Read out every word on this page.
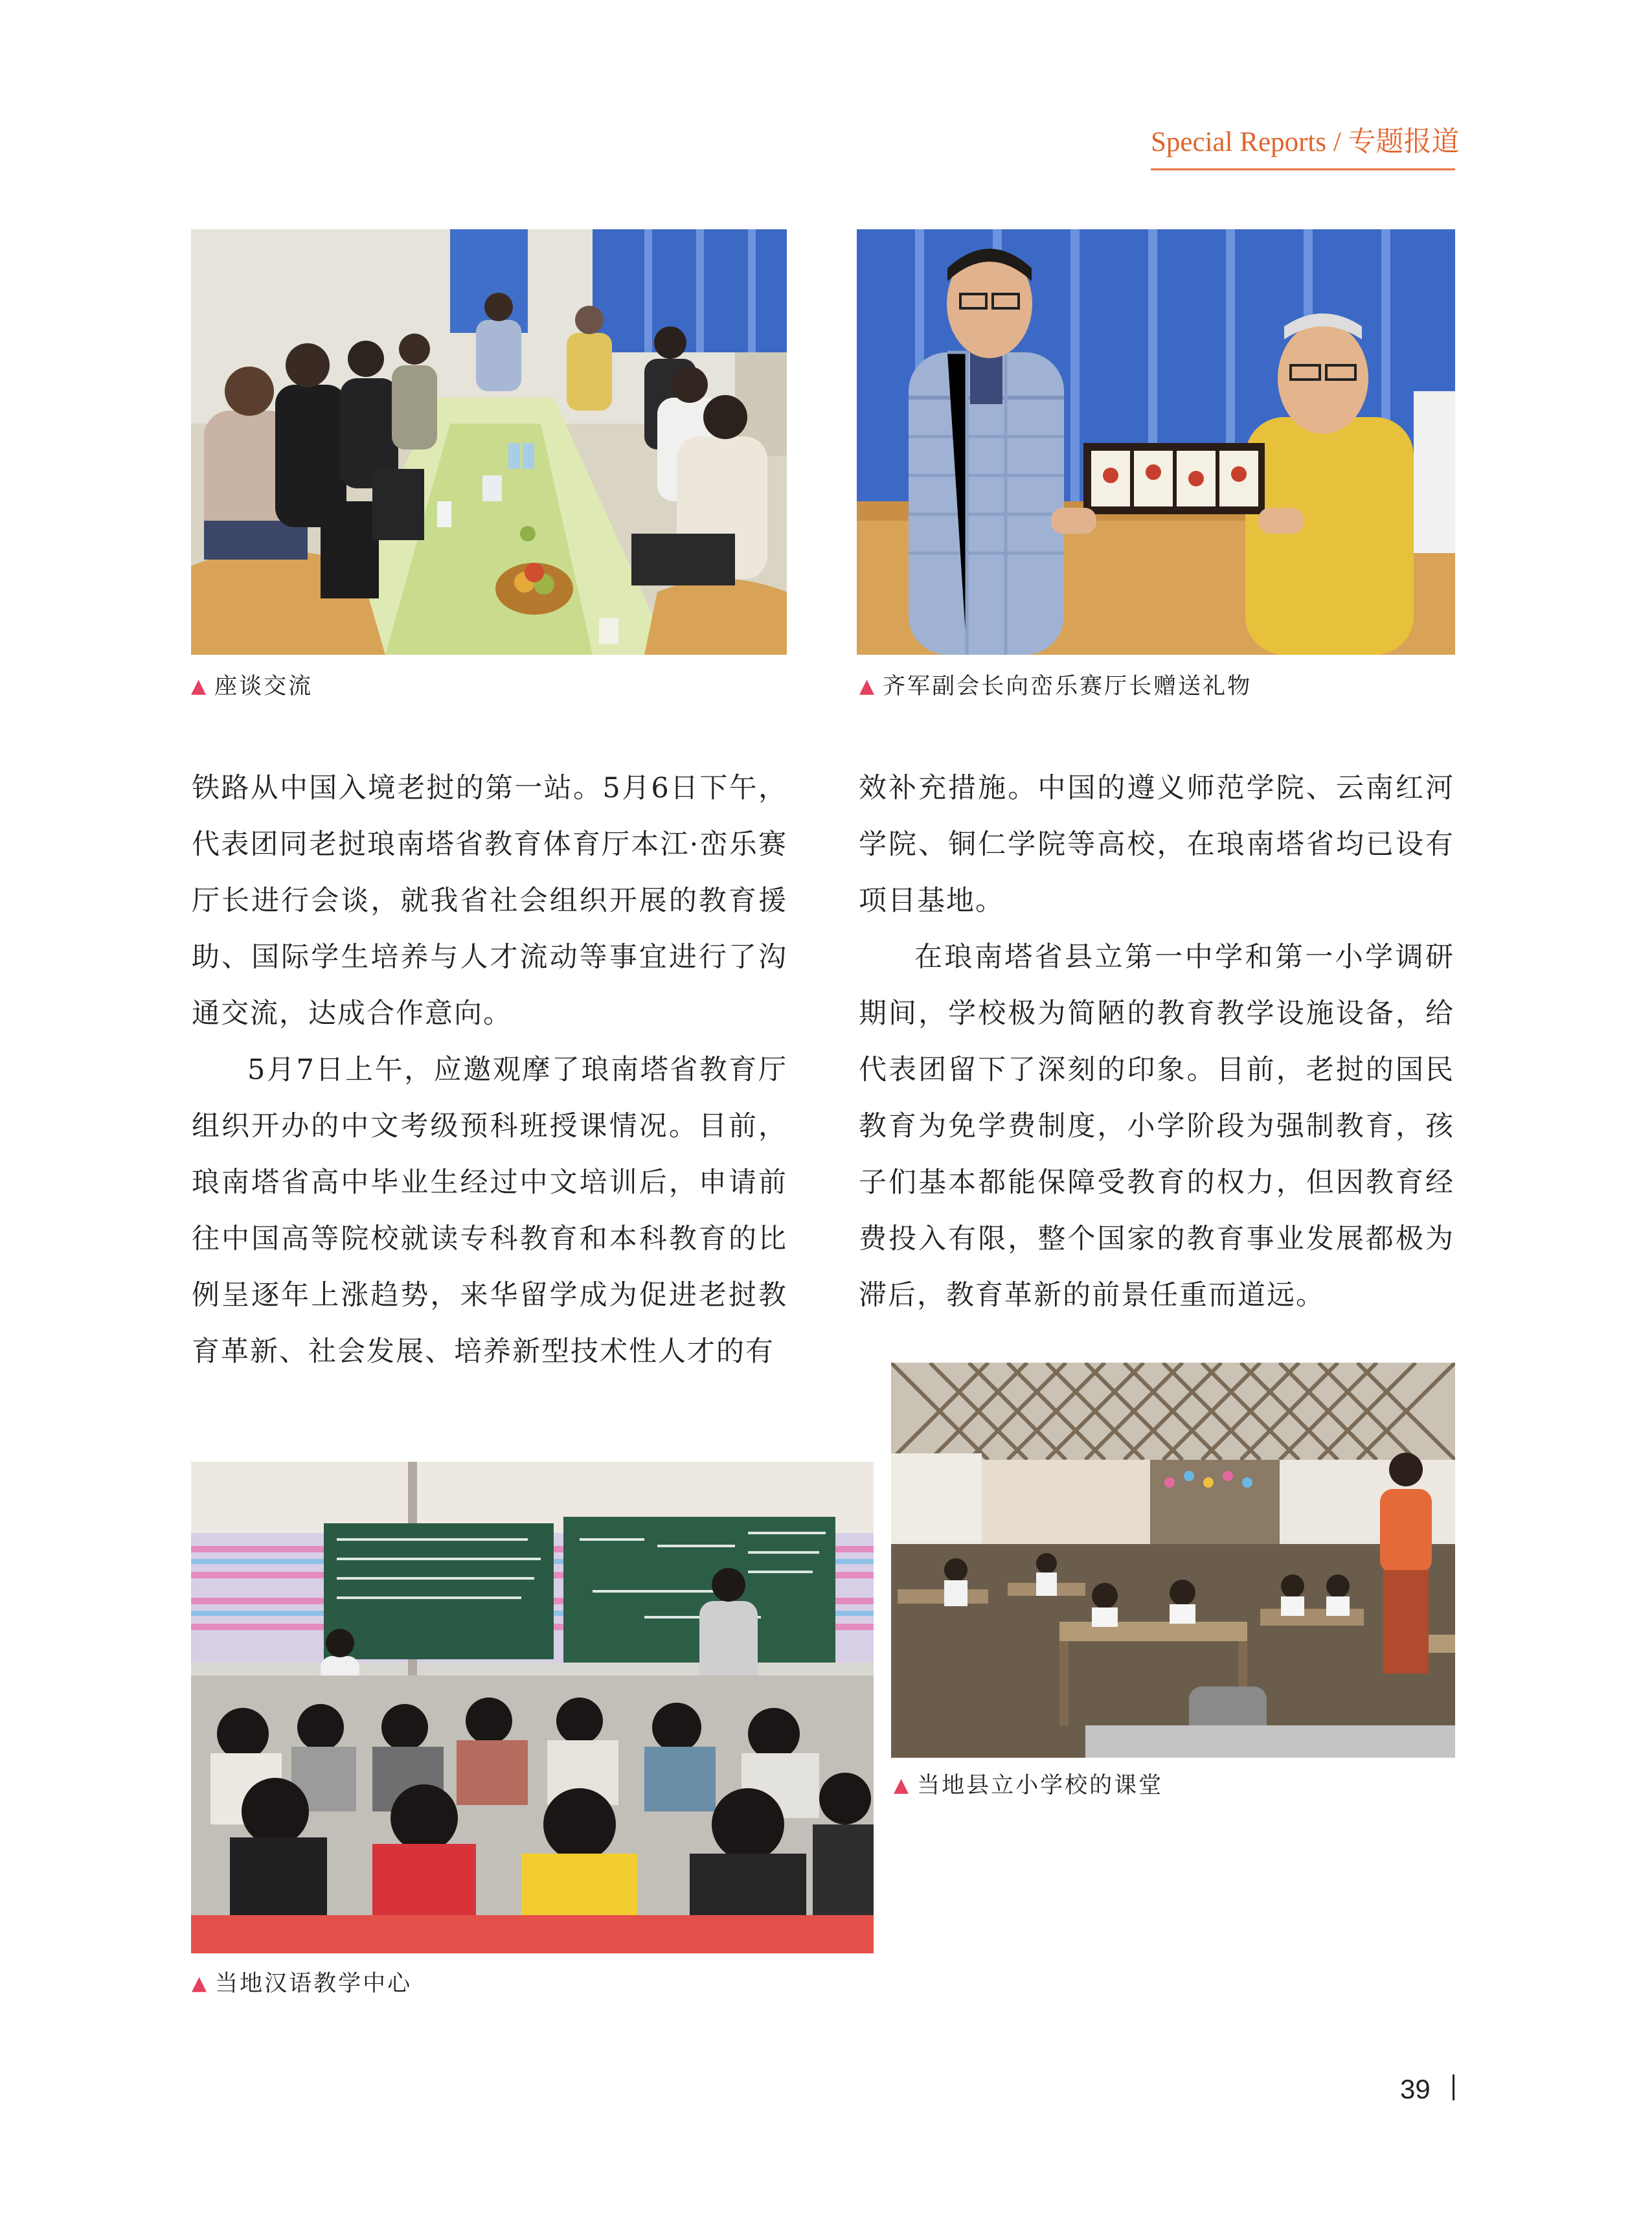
Special Reports / 专题报道
▲ 座谈交流	▲ 齐军副会长向峦乐赛厅长赠送礼物

铁路从中国入境老挝的第一站。5月6日下午，代表团同老挝琅南塔省教育体育厅本江·峦乐赛厅长进行会谈，就我省社会组织开展的教育援助、国际学生培养与人才流动等事宜进行了沟通交流，达成合作意向。

5月7日上午，应邀观摩了琅南塔省教育厅组织开办的中文考级预科班授课情况。目前，琅南塔省高中毕业生经过中文培训后，申请前往中国高等院校就读专科教育和本科教育的比例呈逐年上涨趋势，来华留学成为促进老挝教育革新、社会发展、培养新型技术性人才的有

效补充措施。中国的遵义师范学院、云南红河学院、铜仁学院等高校，在琅南塔省均已设有项目基地。

在琅南塔省县立第一中学和第一小学调研期间，学校极为简陋的教育教学设施设备，给代表团留下了深刻的印象。目前，老挝的国民教育为免学费制度，小学阶段为强制教育，孩子们基本都能保障受教育的权力，但因教育经费投入有限，整个国家的教育事业发展都极为滞后，教育革新的前景任重而道远。

▲ 当地县立小学校的课堂
▲ 当地汉语教学中心
39
